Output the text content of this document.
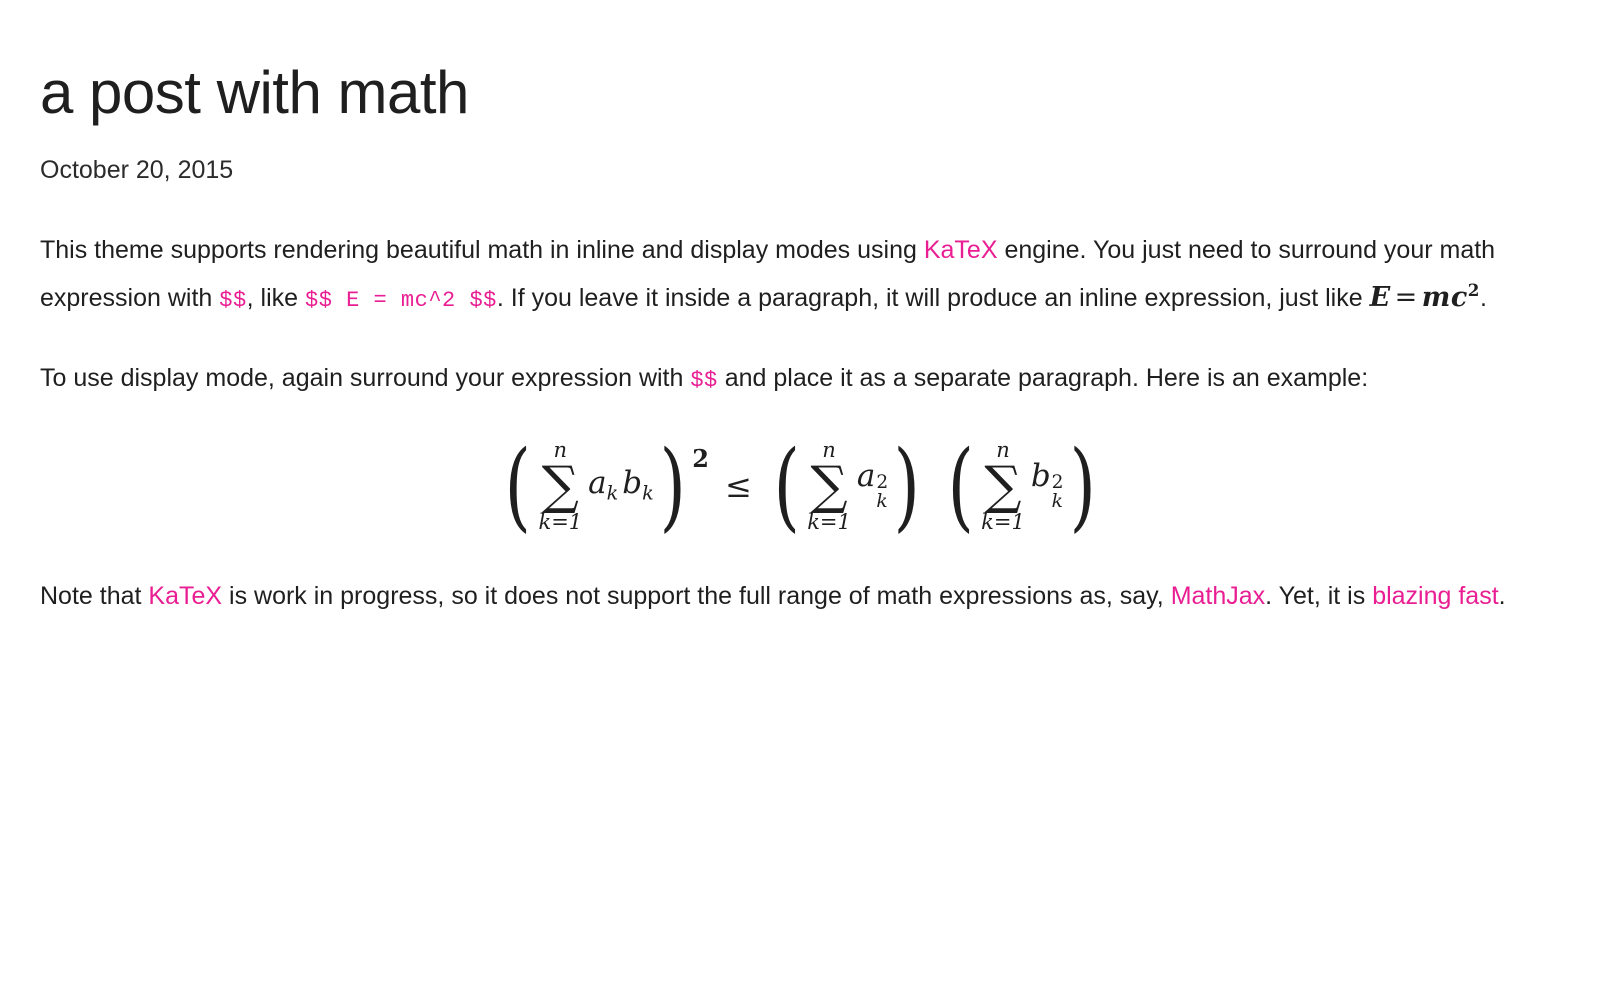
a post with math
October 20, 2015

This theme supports rendering beautiful math in inline and display modes using KaTeX engine. You just need to surround your math expression with $$, like $$ E = mc^2 $$. If you leave it inside a paragraph, it will produce an inline expression, just like $E = mc^2$.

To use display mode, again surround your expression with $$ and place it as a separate paragraph. Here is an example:

( n
∑
k=1
$a_k$ $b_k$ ) 2
≤ ( n
∑
k=1
a 2
k ) ( n
∑
k=1
b 2
k )

Note that KaTeX is work in progress, so it does not support the full range of math expressions as, say, MathJax. Yet, it is blazing fast.
